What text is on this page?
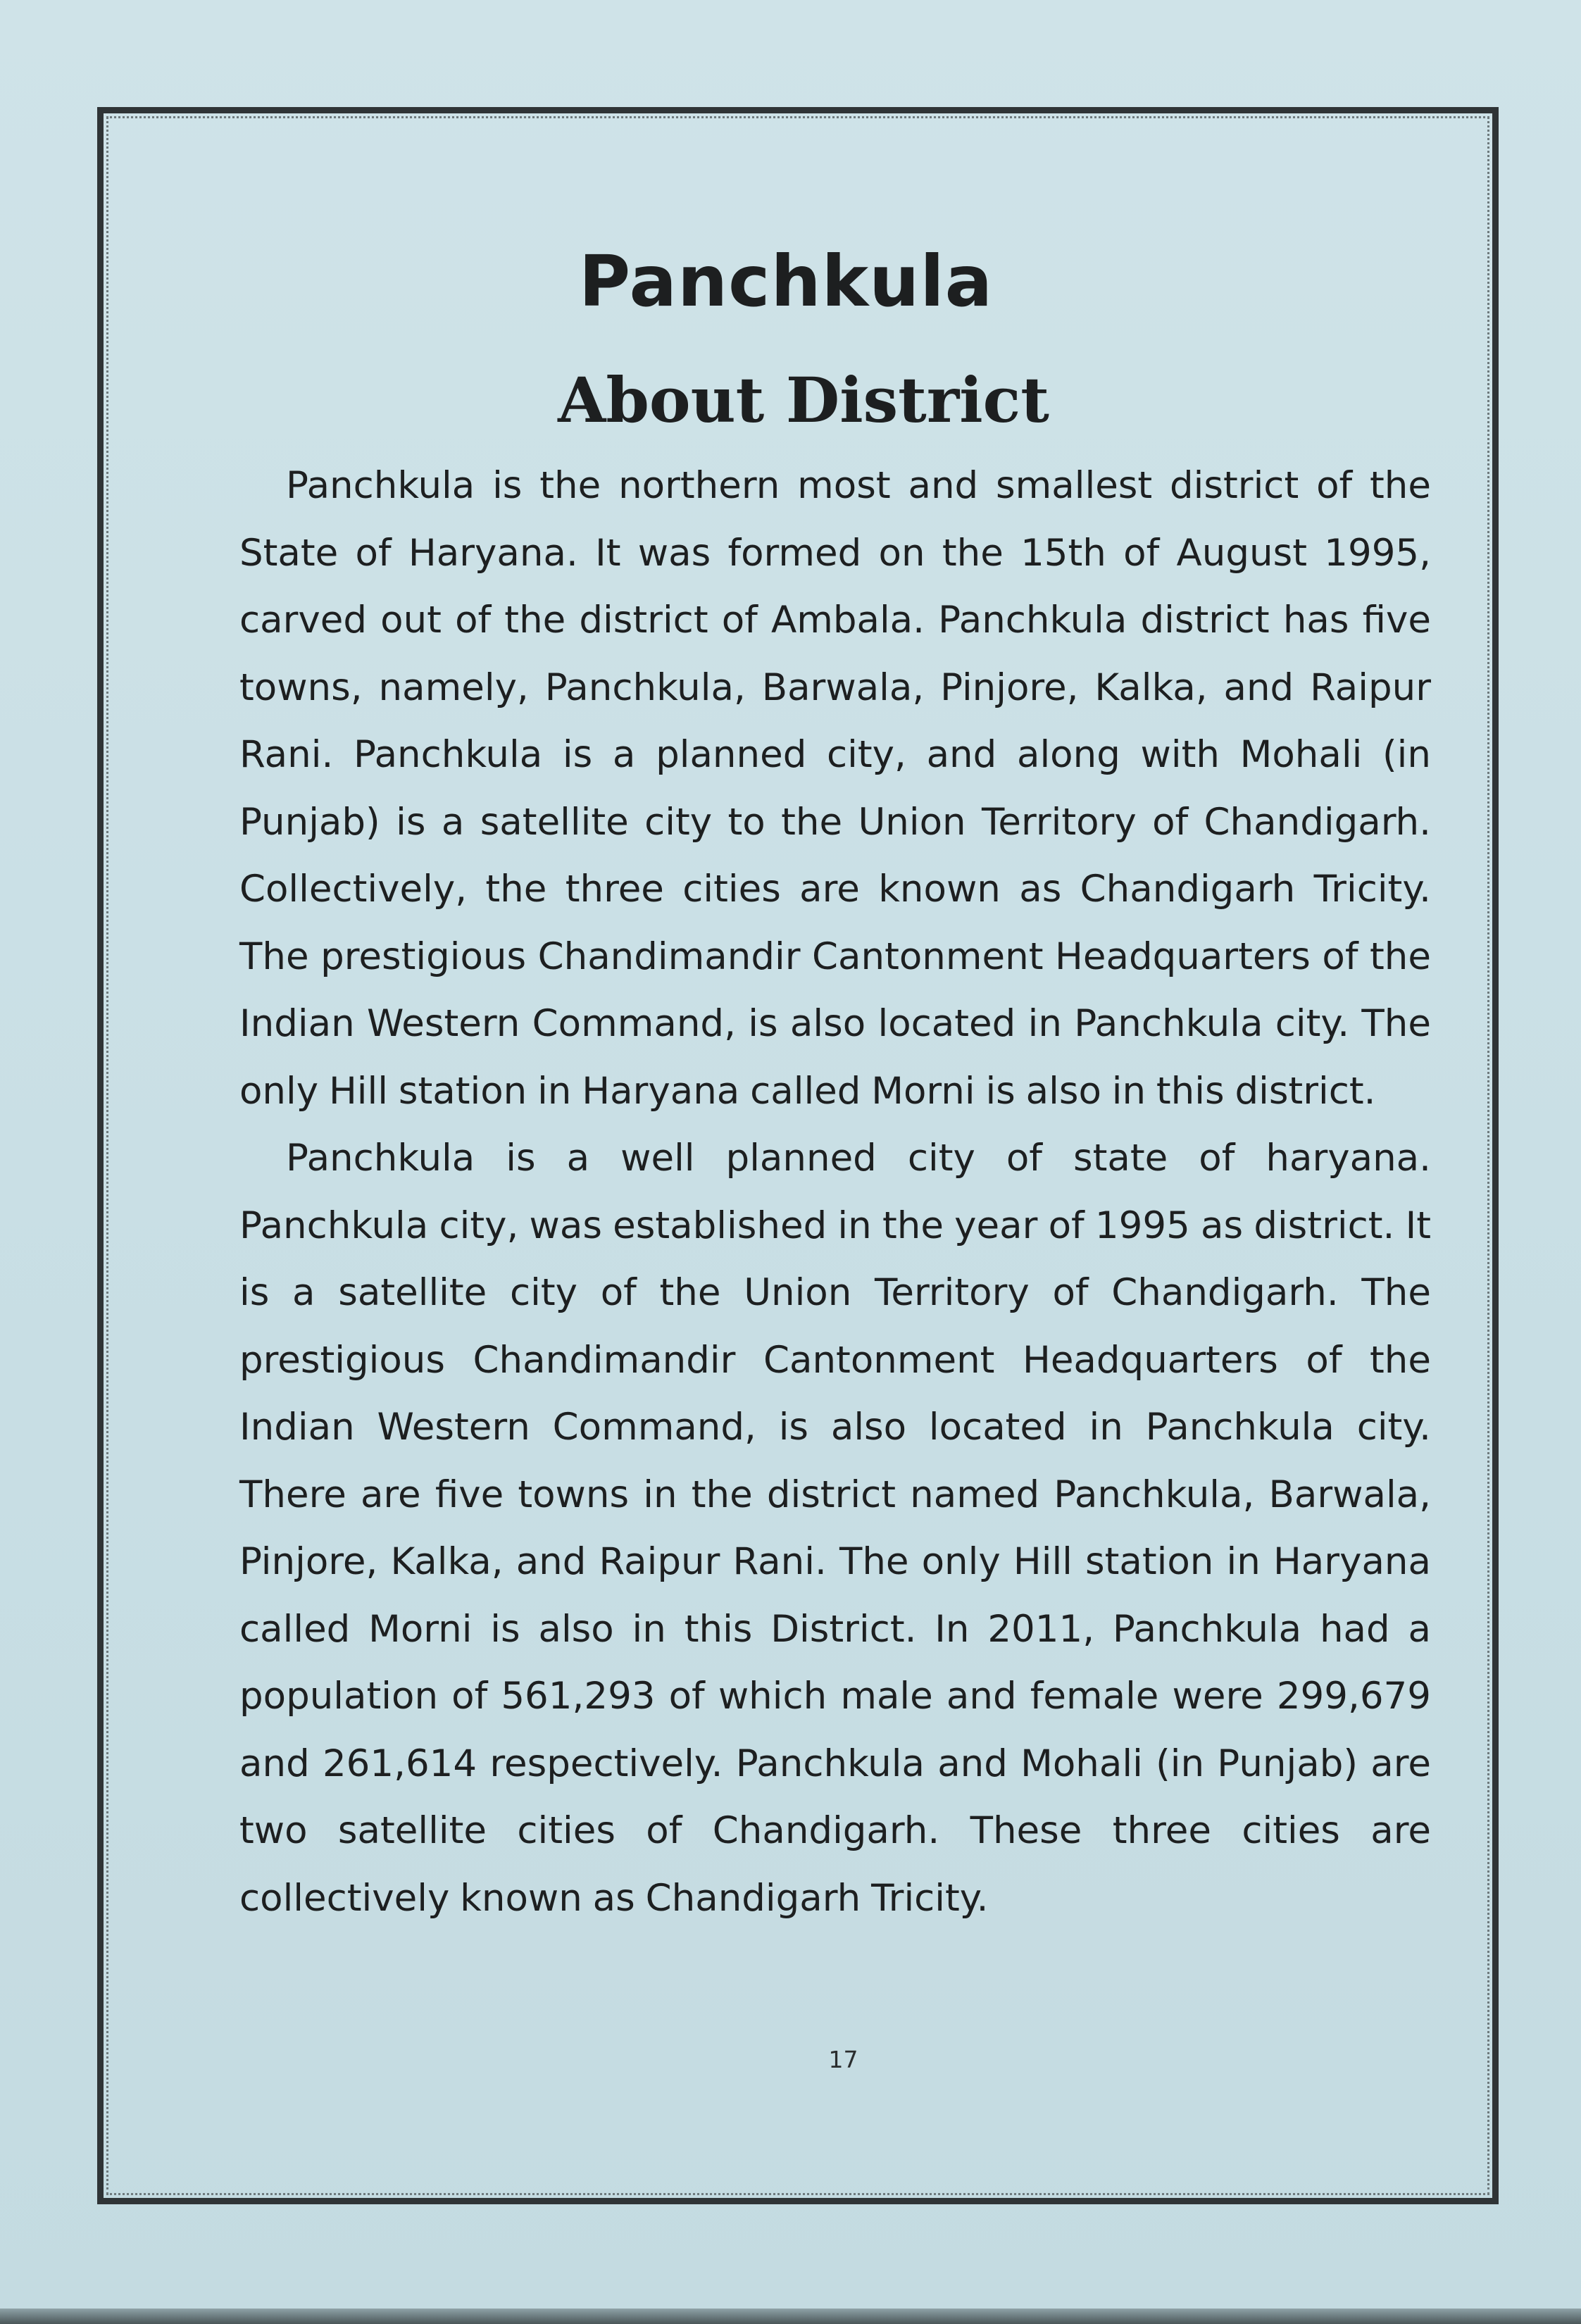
Panchkula
About District

Panchkula is the northern most and smallest district of the State of Haryana. It was formed on the 15th of August 1995, carved out of the district of Ambala. Panchkula district has five towns, namely, Panchkula, Barwala, Pinjore, Kalka, and Raipur Rani. Panchkula is a planned city, and along with Mohali (in Punjab) is a satellite city to the Union Territory of Chandigarh. Collectively, the three cities are known as Chandigarh Tricity. The prestigious Chandimandir Cantonment Headquarters of the Indian Western Command, is also located in Panchkula city. The only Hill station in Haryana called Morni is also in this district.

Panchkula is a well planned city of state of haryana. Panchkula city, was established in the year of 1995 as district. It is a satellite city of the Union Territory of Chandigarh. The prestigious Chandimandir Cantonment Headquarters of the Indian Western Command, is also located in Panchkula city. There are five towns in the district named Panchkula, Barwala, Pinjore, Kalka, and Raipur Rani. The only Hill station in Haryana called Morni is also in this District. In 2011, Panchkula had a population of 561,293 of which male and female were 299,679 and 261,614 respectively. Panchkula and Mohali (in Punjab) are two satellite cities of Chandigarh. These three cities are collectively known as Chandigarh Tricity.

17
